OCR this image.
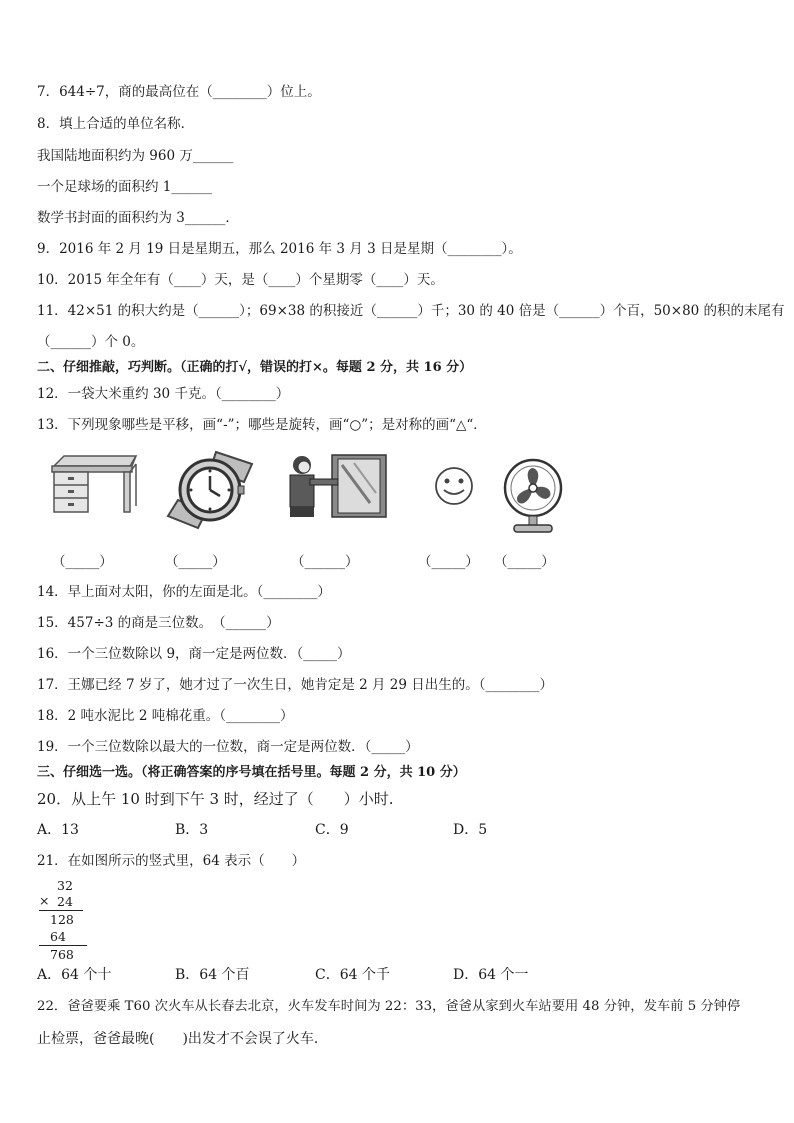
7．644÷7，商的最高位在（________）位上。
8．填上合适的单位名称．
我国陆地面积约为 960 万______
一个足球场的面积约 1______
数学书封面的面积约为 3______．
9．2016 年 2 月 19 日是星期五，那么 2016 年 3 月 3 日是星期（________）。
10．2015 年全年有（____）天，是（____）个星期零（____）天。
11．42×51 的积大约是（______）；69×38 的积接近（______）千；30 的 40 倍是（______）个百，50×80 的积的末尾有
（______）个 0。
二、仔细推敲，巧判断。（正确的打√，错误的打×。每题 2 分，共 16 分）
12．一袋大米重约 30 千克。（________）
13．下列现象哪些是平移，画“-”；哪些是旋转，画“○”；是对称的画“△“．
（_____）	（_____）	（______）	（_____） （_____）
14．早上面对太阳，你的左面是北。（________）
15．457÷3 的商是三位数。　（______）
16．一个三位数除以 9，商一定是两位数．（_____）
17．王娜已经 7 岁了，她才过了一次生日，她肯定是 2 月 29 日出生的。（________）
18．2 吨水泥比 2 吨棉花重。（________）
19．一个三位数除以最大的一位数，商一定是两位数．（_____）
三、仔细选一选。（将正确答案的序号填在括号里。每题 2 分，共 10 分）
20．从上午 10 时到下午 3 时，经过了（　　）小时.
A．13	B．3	C．9	D．5
21．在如图所示的竖式里，64 表示（　　）
32
× 24
128
64
768
A．64 个十	B．64 个百	C．64 个千	D．64 个一
22．爸爸要乘 T60 次火车从长春去北京，火车发车时间为 22：33，爸爸从家到火车站要用 48 分钟，发车前 5 分钟停
止检票，爸爸最晚(　　)出发才不会误了火车．
